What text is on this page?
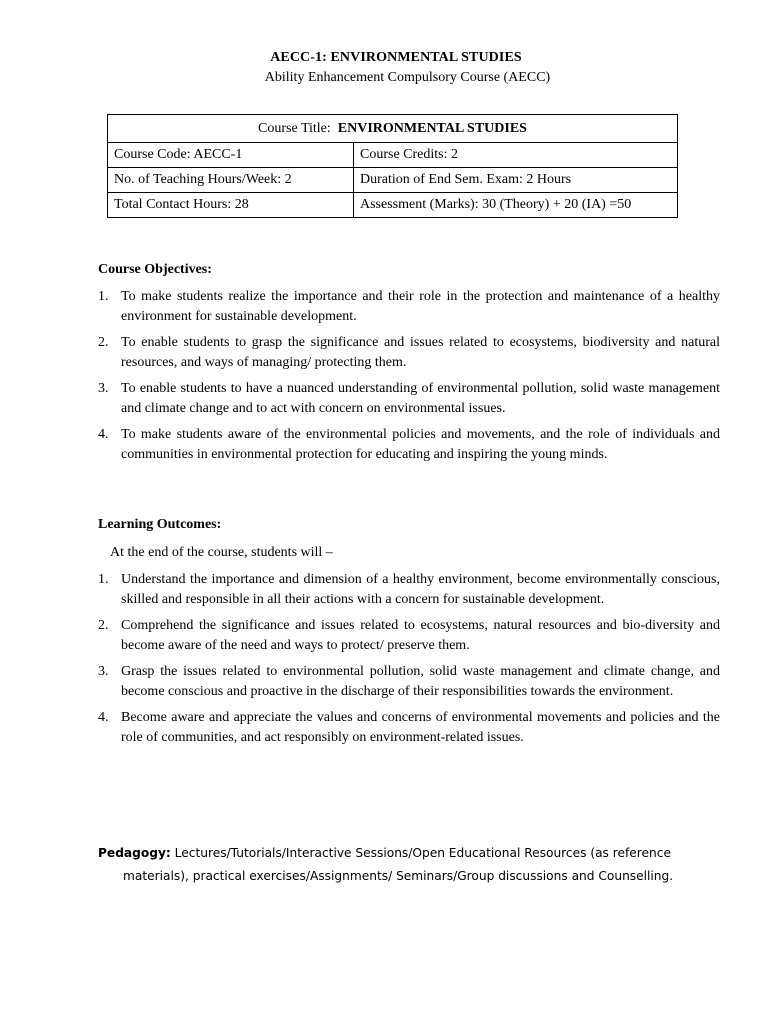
AECC-1: ENVIRONMENTAL STUDIES
Ability Enhancement Compulsory Course (AECC)
Course Title: ENVIRONMENTAL STUDIES	
Course Code: AECC-1	Course Credits: 2
No. of Teaching Hours/Week: 2	Duration of End Sem. Exam: 2 Hours
Total Contact Hours: 28	Assessment (Marks): 30 (Theory) + 20 (IA) =50
Course Objectives:
1. To make students realize the importance and their role in the protection and maintenance of a healthy environment for sustainable development.
2. To enable students to grasp the significance and issues related to ecosystems, biodiversity and natural resources, and ways of managing/ protecting them.
3. To enable students to have a nuanced understanding of environmental pollution, solid waste management and climate change and to act with concern on environmental issues.
4. To make students aware of the environmental policies and movements, and the role of individuals and communities in environmental protection for educating and inspiring the young minds.
Learning Outcomes:
At the end of the course, students will –
1. Understand the importance and dimension of a healthy environment, become environmentally conscious, skilled and responsible in all their actions with a concern for sustainable development.
2. Comprehend the significance and issues related to ecosystems, natural resources and bio-diversity and become aware of the need and ways to protect/ preserve them.
3. Grasp the issues related to environmental pollution, solid waste management and climate change, and become conscious and proactive in the discharge of their responsibilities towards the environment.
4. Become aware and appreciate the values and concerns of environmental movements and policies and the role of communities, and act responsibly on environment-related issues.
Pedagogy: Lectures/Tutorials/Interactive Sessions/Open Educational Resources (as reference
materials), practical exercises/Assignments/ Seminars/Group discussions and Counselling.
